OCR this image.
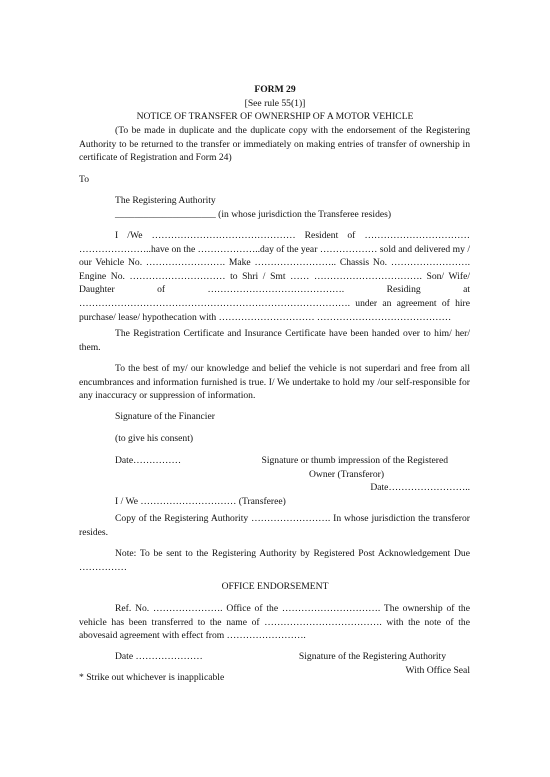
FORM 29

[See rule 55(1)]

NOTICE OF TRANSFER OF OWNERSHIP OF A MOTOR VEHICLE

(To be made in duplicate and the duplicate copy with the endorsement of the Registering Authority to be returned to the transfer or immediately on making entries of transfer of ownership in certificate of Registration and Form 24)

To

The Registering Authority

_____________________ (in whose jurisdiction the Transferee resides)

I /We ……………………………………… Resident of …………………………… …………………..have on the ………………..day of the year ……………… sold and delivered my / our Vehicle No. ……………………. Make …………………….. Chassis No. ……………………. Engine No. ………………………… to Shri / Smt …… ……………………………. Son/ Wife/ Daughter of ……………………………………. Residing at …………………………………………………………………………. under an agreement of hire purchase/ lease/ hypothecation with ………………………… ……………………………………

The Registration Certificate and Insurance Certificate have been handed over to him/ her/ them.

To the best of my/ our knowledge and belief the vehicle is not superdari and free from all encumbrances and information furnished is true. I/ We undertake to hold my /our self-responsible for any inaccuracy or suppression of information.

Signature of the Financier

(to give his consent)

Date……………	Signature or thumb impression of the Registered

Owner (Transferor)

Date……………………..

I / We ………………………… (Transferee)

Copy of the Registering Authority ……………………. In whose jurisdiction the transferor resides.

Note: To be sent to the Registering Authority by Registered Post Acknowledgement Due ……………

OFFICE ENDORSEMENT

Ref. No. …………………. Office of the …………………………. The ownership of the vehicle has been transferred to the name of ………………………………. with the note of the abovesaid agreement with effect from …………………….

Date …………………	Signature of the Registering Authority

With Office Seal

* Strike out whichever is inapplicable
